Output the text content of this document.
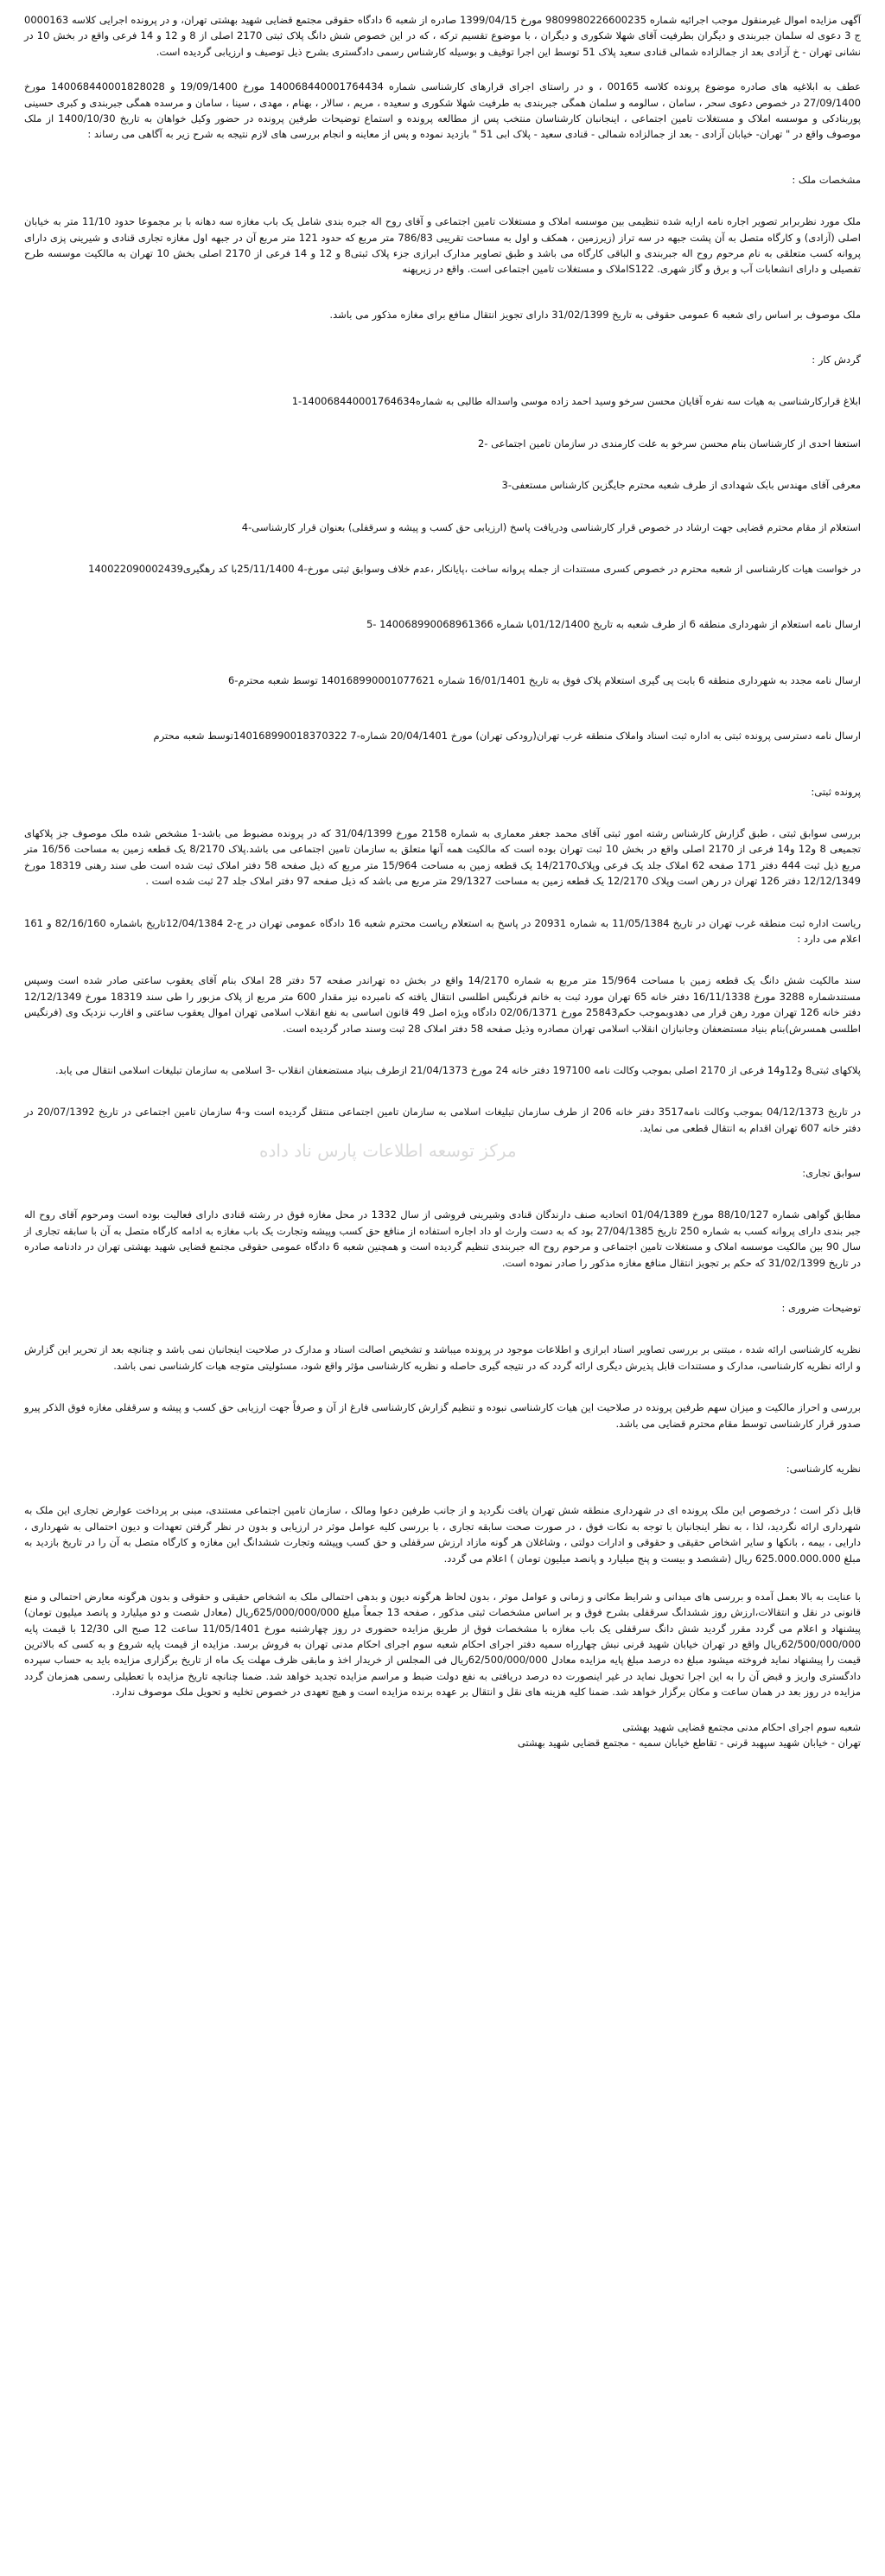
آگهی مزایده اموال غیرمنقول موجب اجرائیه شماره 9809980226600235 مورخ 1399/04/15 صادره از شعبه 6 دادگاه حقوقی مجتمع قضایی شهید بهشتی تهران، و در پرونده اجرایی کلاسه 0000163 ج 3 دعوی له سلمان جبربندی و دیگران بطرفیت آقای شهلا شکوری و دیگران ، با موضوع تقسیم ترکه ، که در این خصوص شش دانگ پلاک ثبتی 2170 اصلی از 8 و 12 و 14 فرعی واقع در بخش 10 در نشانی تهران - خ آزادی بعد از جمالزاده شمالی قنادی سعید پلاک 51 توسط این اجرا توقیف و بوسیله کارشناس رسمی دادگستری بشرح ذیل توصیف و ارزیابی گردیده است.

عطف به ابلاغیه های صادره موضوع پرونده کلاسه 00165 ، و در راستای اجرای قرارهای کارشناسی شماره 140068440001764434 مورخ 19/09/1400 و 140068440001828028 مورخ 27/09/1400 در خصوص دعوی سحر ، سامان ، سالومه و سلمان همگی جبربندی به طرفیت شهلا شکوری و سعیده ، مریم ، سالار ، بهنام ، مهدی ، سینا ، سامان و مرسده همگی جبربندی و کبری حسینی پوربنادکی و موسسه املاک و مستغلات تامین اجتماعی ، اینجانبان کارشناسان منتخب پس از مطالعه پرونده و استماع توضیحات طرفین پرونده در حضور وکیل خواهان به تاریخ 1400/10/30 از ملک موصوف واقع در " تهران- خیابان آزادی - بعد از جمالزاده شمالی - قنادی سعید - پلاک ابی 51 " بازدید نموده و پس از معاینه و انجام بررسی های لازم نتیجه به شرح زیر به آگاهی می رساند :

مشخصات ملک :

ملک مورد نظربرابر تصویر اجاره نامه ارایه شده تنظیمی بین موسسه املاک و مستغلات تامین اجتماعی و آقای روح اله جبره بندی شامل یک باب مغازه سه دهانه با بر مجموعا حدود 11/10 متر به خیابان اصلی (آزادی) و کارگاه متصل به آن پشت جبهه در سه تراز (زیرزمین ، همکف و اول به مساحت تقریبی 786/83 متر مربع که حدود 121 متر مربع آن در جبهه اول مغازه تجاری قنادی و شیرینی پزی دارای پروانه کسب متعلقی به نام مرحوم روح اله جبربندی و الباقی کارگاه می باشد و طبق تصاویر مدارک ابرازی جزء پلاک ثبتی8 و 12 و 14 فرعی از 2170 اصلی بخش 10 تهران به مالکیت موسسه طرح تفصیلی و دارای انشعابات آب و برق و گاز شهری. S122املاک و مستغلات تامین اجتماعی است. واقع در زیرپهنه

ملک موصوف بر اساس رای شعبه 6 عمومی حقوقی به تاریخ 31/02/1399 دارای تجویز انتقال منافع برای مغازه مذکور می باشد.

گردش کار :

ابلاغ قرارکارشناسی به هیات سه نفره آقایان محسن سرخو وسید احمد زاده موسی واسداله طالبی به شماره140068440001764634-1

استعفا احدی از کارشناسان بنام محسن سرخو به علت کارمندی در سازمان تامین اجتماعی -2

معرفی آقای مهندس بابک شهدادی از طرف شعبه محترم جایگزین کارشناس مستعفی-3

استعلام از مقام محترم قضایی جهت ارشاد در خصوص قرار کارشناسی ودریافت پاسخ (ارزیابی حق کسب و پیشه و سرقفلی) بعنوان قرار کارشناسی-4

در خواست هیات کارشناسی از شعبه محترم در خصوص کسری مستندات از جمله پروانه ساخت ،پایانکار ،عدم خلاف وسوابق ثبتی مورخ-4 25/11/1400با کد رهگیری140022090002439

ارسال نامه استعلام از شهرداری منطقه 6 از طرف شعبه به تاریخ 01/12/1400با شماره 140068990068961366 -5

ارسال نامه مجدد به شهرداری منطقه 6 بابت پی گیری استعلام پلاک فوق به تاریخ 16/01/1401 شماره 140168990001077621 توسط شعبه محترم-6

ارسال نامه دسترسی پرونده ثبتی به اداره ثبت اسناد واملاک منطقه غرب تهران(رودکی تهران) مورخ 20/04/1401 شماره-7 140168990018370322توسط شعبه محترم

پرونده ثبتی:

بررسی سوابق ثبتی ، طبق گزارش کارشناس رشته امور ثبتی آقای محمد جعفر معماری به شماره 2158 مورخ 31/04/1399 که در پرونده مضبوط می باشد-1 مشخص شده ملک موصوف جز پلاکهای تجمیعی 8 و12 و14 فرعی از 2170 اصلی واقع در بخش 10 ثبت تهران بوده است که مالکیت همه آنها متعلق به سازمان تامین اجتماعی می باشد.پلاک 8/2170 یک قطعه زمین به مساحت 16/56 متر مربع ذیل ثبت 444 دفتر 171 صفحه 62 املاک جلد یک فرعی وپلاک14/2170 یک قطعه زمین به مساحت 15/964 متر مربع که ذیل صفحه 58 دفتر املاک ثبت شده است طی سند رهنی 18319 مورخ 12/12/1349 دفتر 126 تهران در رهن است وپلاک 12/2170 یک قطعه زمین به مساحت 29/1327 متر مربع می باشد که ذیل صفحه 97 دفتر املاک جلد 27 ثبت شده است .

ریاست اداره ثبت منطقه غرب تهران در تاریخ 11/05/1384 به شماره 20931 در پاسخ به استعلام ریاست محترم شعبه 16 دادگاه عمومی تهران در ج-2 12/04/1384تاریخ باشماره 82/16/160 و 161 اعلام می دارد :

سند مالکیت شش دانگ یک قطعه زمین با مساحت 15/964 متر مربع به شماره 14/2170 واقع در بخش ده تهراندر صفحه 57 دفتر 28 املاک بنام آقای یعقوب ساعتی صادر شده است وسپس مستندشماره 3288 مورخ 16/11/1338 دفتر خانه 65 تهران مورد ثبت به خانم فرنگیس اطلسی انتقال یافته که نامبرده نیز مقدار 600 متر مربع از پلاک مزبور را طی سند 18319 مورخ 12/12/1349 دفتر خانه 126 تهران مورد رهن قرار می دهدوبموجب حکم25843 مورخ 02/06/1371 دادگاه ویژه اصل 49 قانون اساسی به نفع انقلاب اسلامی تهران اموال یعقوب ساعتی و اقارب نزدیک وی (فرنگیس اطلسی همسرش)بنام بنیاد مستضعفان وجانبازان انقلاب اسلامی تهران مصادره وذیل صفحه 58 دفتر املاک 28 ثبت وسند صادر گردیده است.

پلاکهای ثبتی8 و12و14 فرعی از 2170 اصلی بموجب وکالت نامه 197100 دفتر خانه 24 مورخ 21/04/1373 ازطرف بنیاد مستضعفان انقلاب -3 اسلامی به سازمان تبلیغات اسلامی انتقال می یابد.

در تاریخ 04/12/1373 بموجب وکالت نامه3517 دفتر خانه 206 از طرف سازمان تبلیغات اسلامی به سازمان تامین اجتماعی منتقل گردیده است و-4 سازمان تامین اجتماعی در تاریخ 20/07/1392 در دفتر خانه 607 تهران اقدام به انتقال قطعی می نماید.

سوابق تجاری:

مطابق گواهی شماره 88/10/127 مورخ 01/04/1389 اتحادیه صنف دارندگان قنادی وشیرینی فروشی از سال 1332 در محل مغازه فوق در رشته قنادی دارای فعالیت بوده است ومرحوم آقای روح اله جبر بندی دارای پروانه کسب به شماره 250 تاریخ 27/04/1385 بود که به دست وارث او داد اجاره استفاده از منافع حق کسب وپیشه وتجارت یک باب مغازه به ادامه کارگاه متصل به آن با سابقه تجاری از سال 90 بین مالکیت موسسه املاک و مستغلات تامین اجتماعی و مرحوم روح اله جبربندی تنظیم گردیده است و همچنین شعبه 6 دادگاه عمومی حقوقی مجتمع قضایی شهید بهشتی تهران در دادنامه صادره در تاریخ 31/02/1399 که حکم بر تجویز انتقال منافع مغازه مذکور را صادر نموده است.

توضیحات ضروری :

نظریه کارشناسی ارائه شده ، مبتنی بر بررسی تصاویر اسناد ابرازی و اطلاعات موجود در پرونده میباشد و تشخیص اصالت اسناد و مدارک در صلاحیت اینجانبان نمی باشد و چنانچه بعد از تحریر این گزارش و ارائه نظریه کارشناسی، مدارک و مستندات قابل پذیرش دیگری ارائه گردد که در نتیجه گیری حاصله و نظریه کارشناسی مؤثر واقع شود، مسئولیتی متوجه هیات کارشناسی نمی باشد.

بررسی و احراز مالکیت و میزان سهم طرفین پرونده در صلاحیت این هیات کارشناسی نبوده و تنظیم گزارش کارشناسی فارغ از آن و صرفاً جهت ارزیابی حق کسب و پیشه و سرقفلی مغازه فوق الذکر پیرو صدور قرار کارشناسی توسط مقام محترم قضایی می باشد.

نظریه کارشناسی:

قابل ذکر است ؛ درخصوص این ملک پرونده ای در شهرداری منطقه شش تهران یافت نگردید و از جانب طرفین دعوا ومالک ، سازمان تامین اجتماعی مستندی، مبنی بر پرداخت عوارض تجاری این ملک به شهرداری ارائه نگردید، لذا ، به نظر اینجانبان با توجه به نکات فوق ، در صورت صحت سابقه تجاری ، با بررسی کلیه عوامل موثر در ارزیابی و بدون در نظر گرفتن تعهدات و دیون احتمالی به شهرداری ، دارایی ، بیمه ، بانکها و سایر اشخاص حقیقی و حقوقی و ادارات دولتی ، وشاغلان هر گونه مازاد ارزش سرقفلی و حق کسب وپیشه وتجارت ششدانگ این مغازه و کارگاه متصل به آن را در تاریخ بازدید به مبلغ 625.000.000.000 ریال (ششصد و بیست و پنج میلیارد و پانصد میلیون تومان ) اعلام می گردد.

با عنایت به بالا بعمل آمده و بررسی های میدانی و شرایط مکانی و زمانی و عوامل موثر ، بدون لحاظ هرگونه دیون و بدهی احتمالی ملک به اشخاص حقیقی و حقوقی و بدون هرگونه معارض احتمالی و منع قانونی در نقل و انتقالات،ارزش روز ششدانگ سرقفلی بشرح فوق و بر اساس مشخصات ثبتی مذکور ، صفحه 13 جمعاً مبلغ 625/000/000/000ریال (معادل شصت و دو میلیارد و پانصد میلیون تومان) پیشنهاد و اعلام می گردد مقرر گردید شش دانگ سرقفلی یک باب مغازه با مشخصات فوق از طریق مزایده حضوری در روز چهارشنبه مورخ 11/05/1401 ساعت 12 صبح الی 12/30 با قیمت پایه 62/500/000/000ریال واقع در تهران خیابان شهید قرنی نبش چهارراه سمیه دفتر اجرای احکام شعبه سوم اجرای احکام مدنی تهران به فروش برسد. مزایده از قیمت پایه شروع و به کسی که بالاترین قیمت را پیشنهاد نماید فروخته میشود مبلغ ده درصد مبلغ پایه مزایده معادل 62/500/000/000ریال فی المجلس از خریدار اخذ و مابقی ظرف مهلت یک ماه از تاریخ برگزاری مزایده باید به حساب سپرده دادگستری واریز و قبض آن را به این اجرا تحویل نماید در غیر اینصورت ده درصد دریافتی به نفع دولت ضبط و مراسم مزایده تجدید خواهد شد. ضمنا چنانچه تاریخ مزایده با تعطیلی رسمی همزمان گردد مزایده در روز بعد در همان ساعت و مکان برگزار خواهد شد. ضمنا کلیه هزینه های نقل و انتقال بر عهده برنده مزایده است و هیچ تعهدی در خصوص تخلیه و تحویل ملک موصوف ندارد.

شعبه سوم اجرای احکام مدنی مجتمع قضایی شهید بهشتی

تهران - خیابان شهید سپهبد قرنی - تقاطع خیابان سمیه - مجتمع قضایی شهید بهشتی

مرکز توسعه اطلاعات پارس ناد داده
